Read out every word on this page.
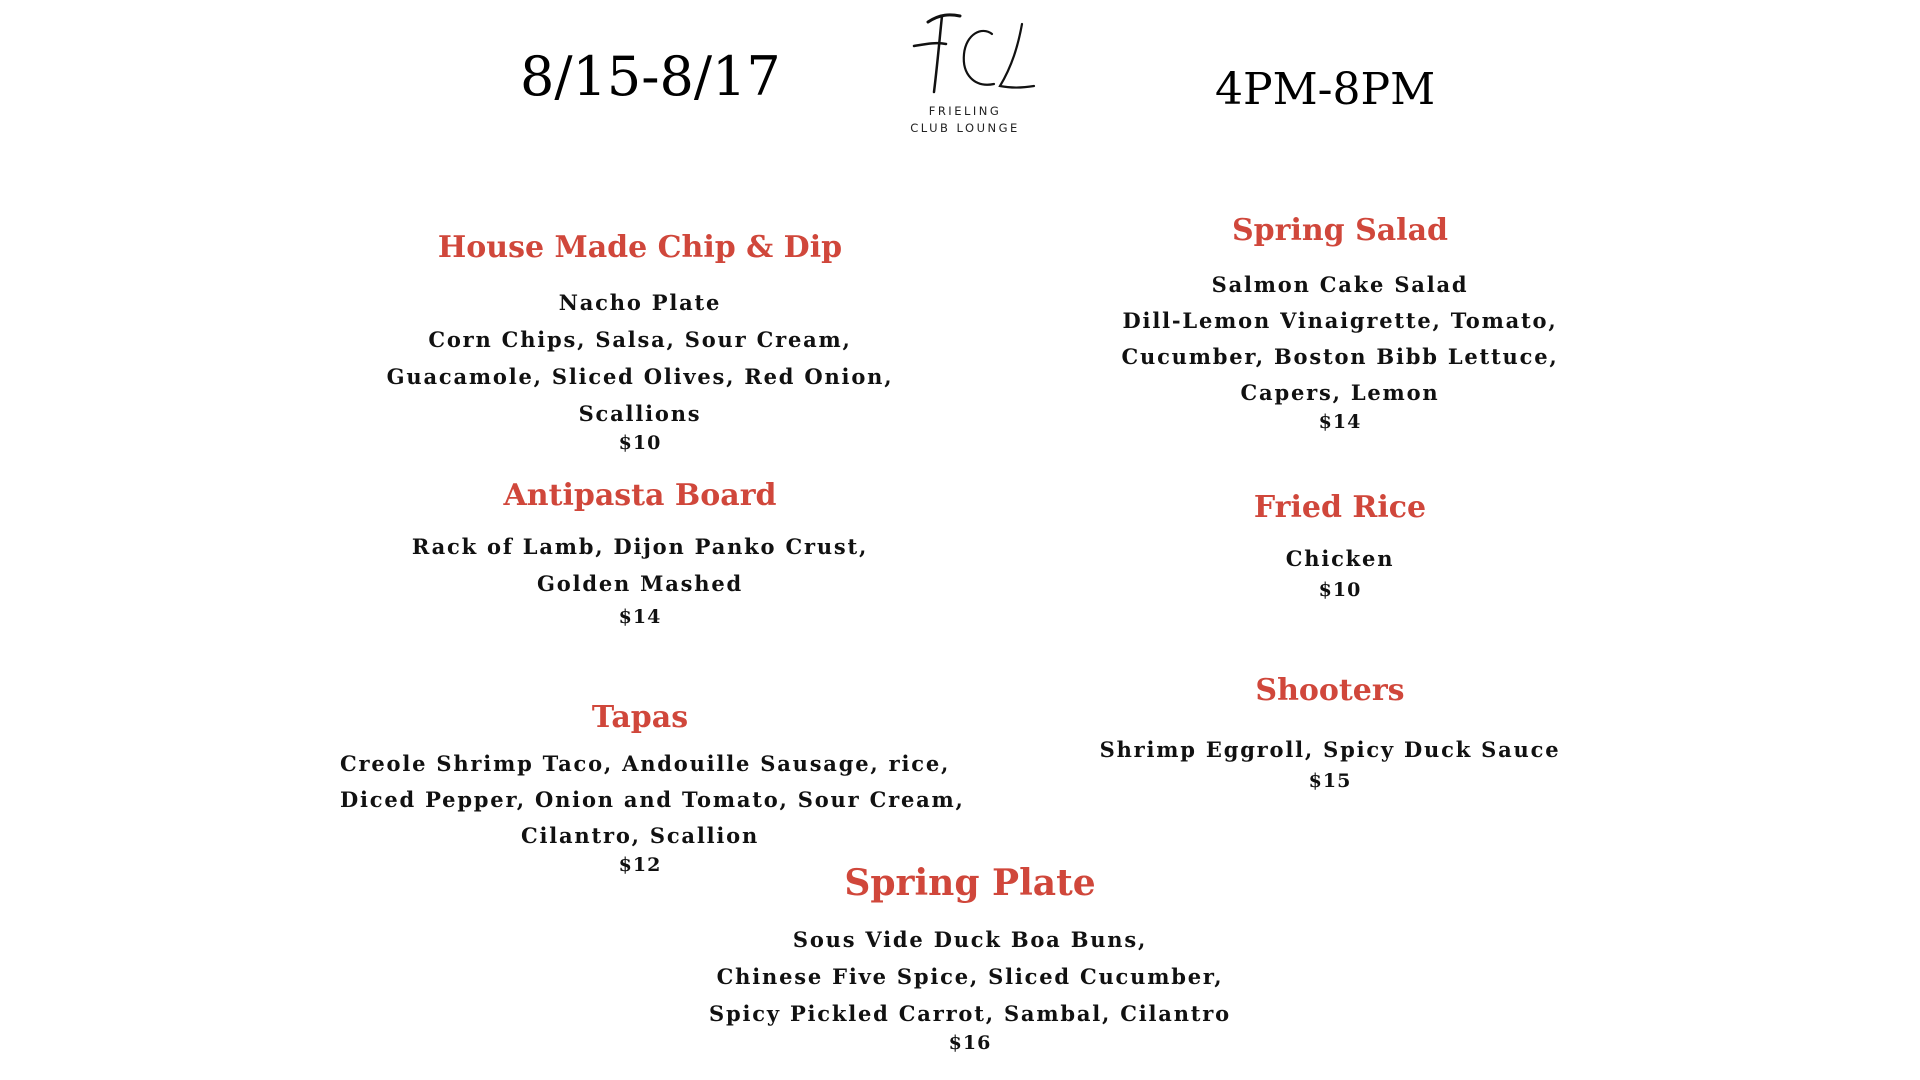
8/15-8/17	4PM-8PM
FRIELING
CLUB LOUNGE
House Made Chip & Dip
Nacho Plate
Corn Chips, Salsa, Sour Cream,
Guacamole, Sliced Olives, Red Onion,
Scallions
$10
Antipasta Board
Rack of Lamb, Dijon Panko Crust,
Golden Mashed
$14
Tapas
Creole Shrimp Taco, Andouille Sausage, rice,
Diced Pepper, Onion and Tomato, Sour Cream,
Cilantro, Scallion
$12
Spring Salad
Salmon Cake Salad
Dill-Lemon Vinaigrette, Tomato,
Cucumber, Boston Bibb Lettuce,
Capers, Lemon
$14
Fried Rice
Chicken
$10
Shooters
Shrimp Eggroll, Spicy Duck Sauce
$15
Spring Plate
Sous Vide Duck Boa Buns,
Chinese Five Spice, Sliced Cucumber,
Spicy Pickled Carrot, Sambal, Cilantro
$16
